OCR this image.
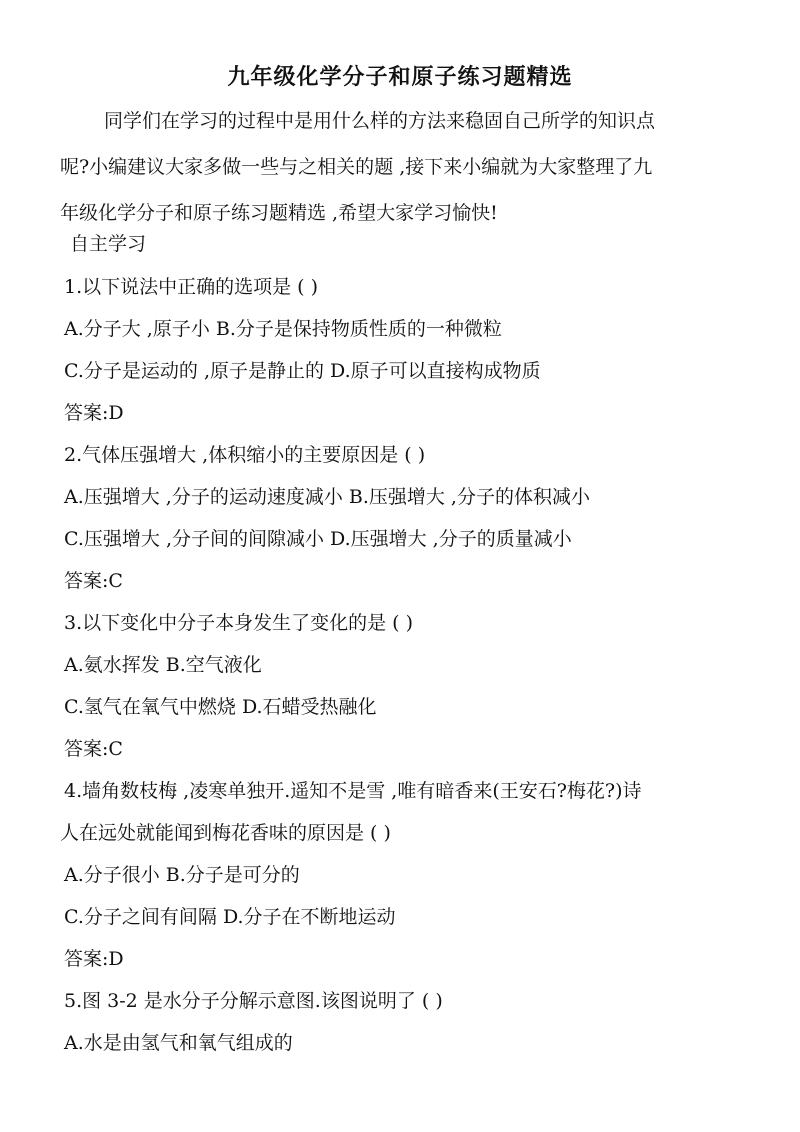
九年级化学分子和原子练习题精选
同学们在学习的过程中是用什么样的方法来稳固自己所学的知识点
呢?小编建议大家多做一些与之相关的题 ,接下来小编就为大家整理了九
年级化学分子和原子练习题精选 ,希望大家学习愉快!
自主学习
1.以下说法中正确的选项是 ( )
A.分子大 ,原子小 B.分子是保持物质性质的一种微粒
C.分子是运动的 ,原子是静止的 D.原子可以直接构成物质
答案:D
2.气体压强增大 ,体积缩小的主要原因是 ( )
A.压强增大 ,分子的运动速度减小 B.压强增大 ,分子的体积减小
C.压强增大 ,分子间的间隙减小 D.压强增大 ,分子的质量减小
答案:C
3.以下变化中分子本身发生了变化的是 ( )
A.氨水挥发 B.空气液化
C.氢气在氧气中燃烧 D.石蜡受热融化
答案:C
4.墙角数枝梅 ,凌寒单独开.遥知不是雪 ,唯有暗香来(王安石?梅花?)诗
人在远处就能闻到梅花香味的原因是 ( )
A.分子很小 B.分子是可分的
C.分子之间有间隔 D.分子在不断地运动
答案:D
5.图 3-2 是水分子分解示意图.该图说明了 ( )
A.水是由氢气和氧气组成的
